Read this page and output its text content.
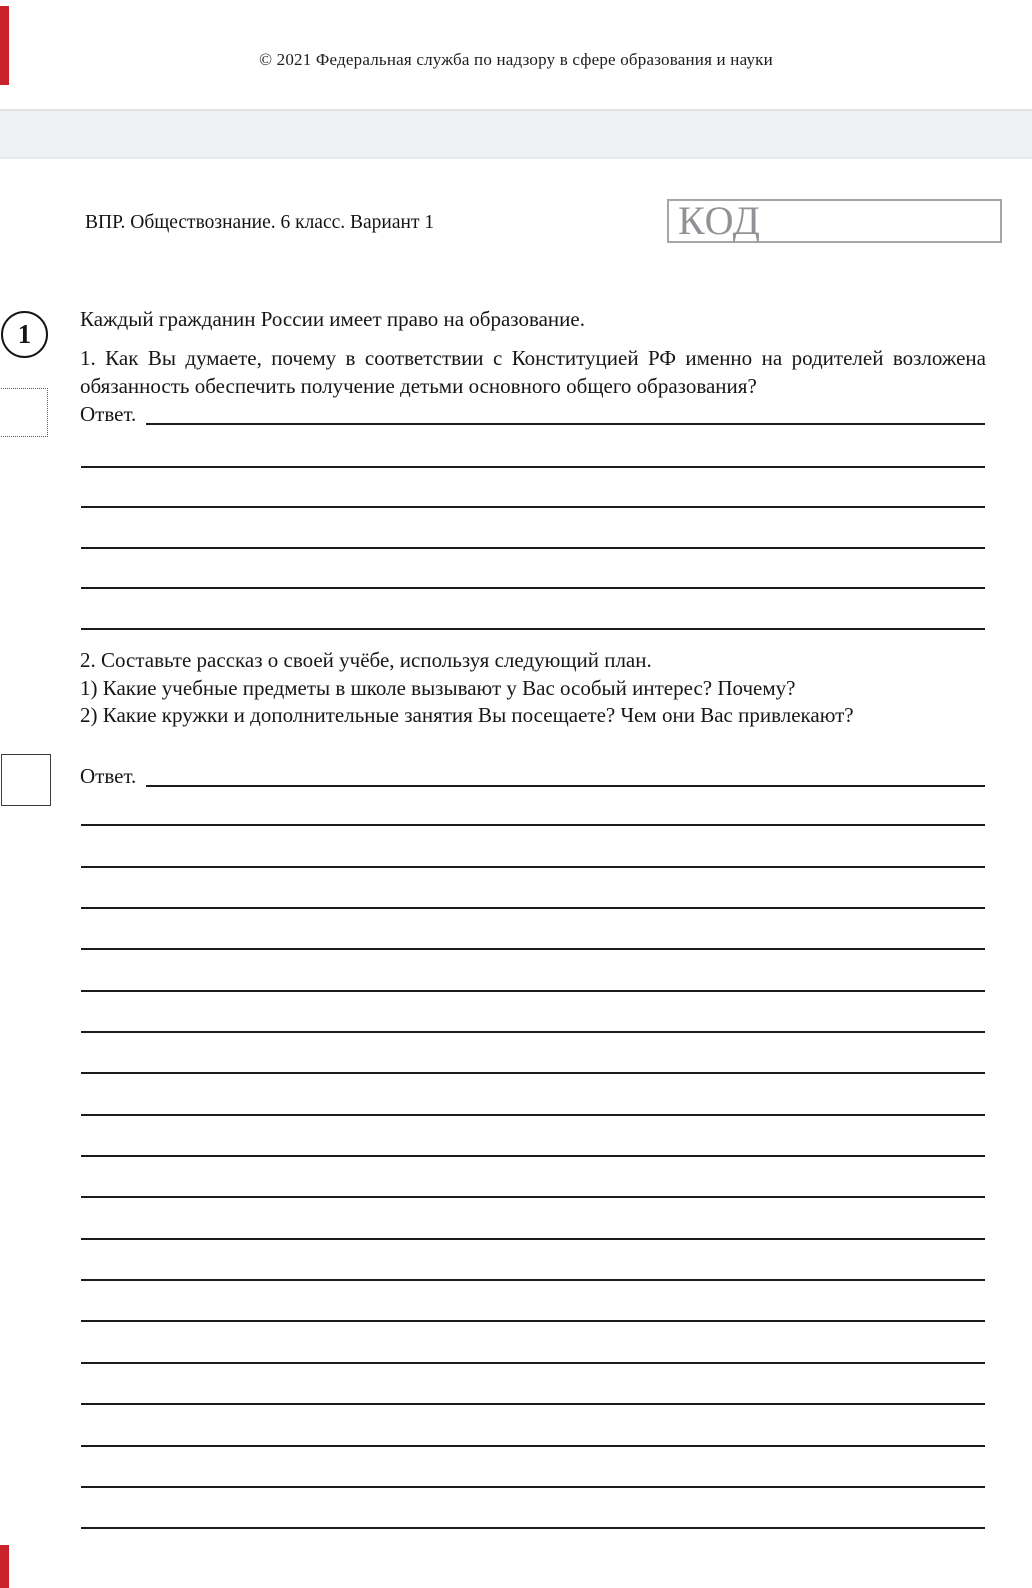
© 2021 Федеральная служба по надзору в сфере образования и науки
ВПР. Обществознание. 6 класс. Вариант 1	КОД
1 Каждый гражданин России имеет право на образование.
1. Как Вы думаете, почему в соответствии с Конституцией РФ именно на родителей возложена обязанность обеспечить получение детьми основного общего образования?
Ответ.
2. Составьте рассказ о своей учёбе, используя следующий план.
1) Какие учебные предметы в школе вызывают у Вас особый интерес? Почему?
2) Какие кружки и дополнительные занятия Вы посещаете? Чем они Вас привлекают?
Ответ.
